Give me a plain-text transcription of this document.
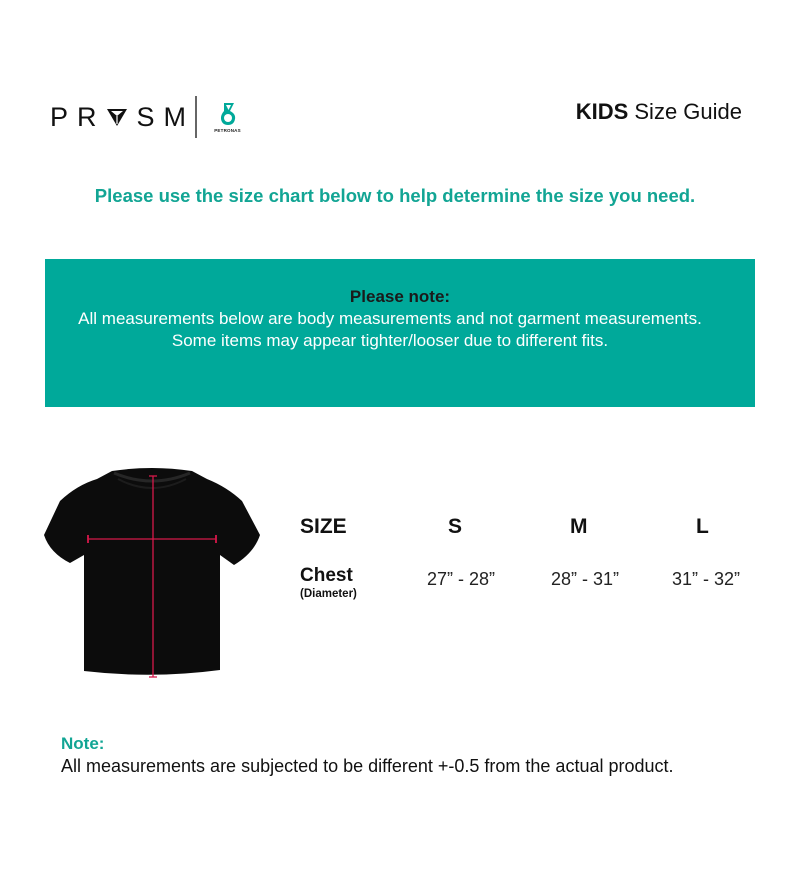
P R S M	PETRONAS
KIDS Size Guide
Please use the size chart below to help determine the size you need.
Please note:
All measurements below are body measurements and not garment measurements. Some items may appear tighter/looser due to different fits.
SIZE	S	M	L
Chest
(Diameter)
27” - 28”	28” - 31”	31” - 32”
Note:
All measurements are subjected to be different +-0.5 from the actual product.
